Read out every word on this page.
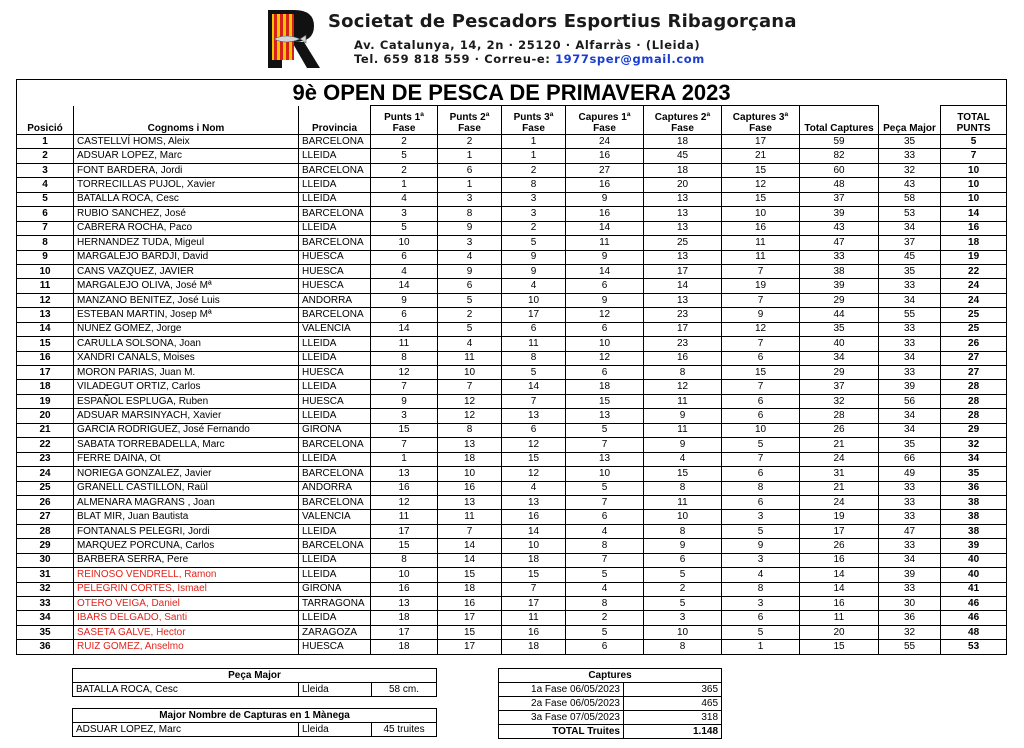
Societat de Pescadors Esportius Ribagorçana
Av. Catalunya, 14, 2n · 25120 · Alfarràs · (Lleida)
Tel. 659 818 559 · Correu-e: 1977sper@gmail.com
9è OPEN DE PESCA DE PRIMAVERA 2023											
Posició	Cognoms i Nom	Provincia	Punts 1ª Fase	Punts 2ª Fase	Punts 3ª Fase	Capures 1ª Fase	Captures 2ª Fase	Captures 3ª Fase	Total Captures	Peça Major	TOTAL PUNTS
1	CASTELLVÍ HOMS, Aleix	BARCELONA	2	2	1	24	18	17	59	35	5
2	ADSUAR LOPEZ, Marc	LLEIDA	5	1	1	16	45	21	82	33	7
3	FONT BARDERA, Jordi	BARCELONA	2	6	2	27	18	15	60	32	10
4	TORRECILLAS PUJOL, Xavier	LLEIDA	1	1	8	16	20	12	48	43	10
5	BATALLA ROCA, Cesc	LLEIDA	4	3	3	9	13	15	37	58	10
6	RUBIO SANCHEZ, José	BARCELONA	3	8	3	16	13	10	39	53	14
7	CABRERA ROCHA, Paco	LLEIDA	5	9	2	14	13	16	43	34	16
8	HERNANDEZ TUDA, Migeul	BARCELONA	10	3	5	11	25	11	47	37	18
9	MARGALEJO BARDJI, David	HUESCA	6	4	9	9	13	11	33	45	19
10	CANS VAZQUEZ, JAVIER	HUESCA	4	9	9	14	17	7	38	35	22
11	MARGALEJO OLIVA, José Mª	HUESCA	14	6	4	6	14	19	39	33	24
12	MANZANO BENITEZ, José Luis	ANDORRA	9	5	10	9	13	7	29	34	24
13	ESTEBAN MARTIN, Josep Mª	BARCELONA	6	2	17	12	23	9	44	55	25
14	NUÑEZ GOMEZ, Jorge	VALENCIA	14	5	6	6	17	12	35	33	25
15	CARULLA SOLSONA, Joan	LLEIDA	11	4	11	10	23	7	40	33	26
16	XANDRI CANALS, Moises	LLEIDA	8	11	8	12	16	6	34	34	27
17	MORON PARIAS, Juan M.	HUESCA	12	10	5	6	8	15	29	33	27
18	VILADEGUT ORTIZ, Carlos	LLEIDA	7	7	14	18	12	7	37	39	28
19	ESPAÑOL ESPLUGA, Ruben	HUESCA	9	12	7	15	11	6	32	56	28
20	ADSUAR MARSINYACH, Xavier	LLEIDA	3	12	13	13	9	6	28	34	28
21	GARCIA RODRIGUEZ, José Fernando	GIRONA	15	8	6	5	11	10	26	34	29
22	SABATA TORREBADELLA, Marc	BARCELONA	7	13	12	7	9	5	21	35	32
23	FERRE DAINA, Ot	LLEIDA	1	18	15	13	4	7	24	66	34
24	NORIEGA GONZALEZ, Javier	BARCELONA	13	10	12	10	15	6	31	49	35
25	GRANELL CASTILLÓN, Raül	ANDORRA	16	16	4	5	8	8	21	33	36
26	ALMENARA MAGRANS , Joan	BARCELONA	12	13	13	7	11	6	24	33	38
27	BLAT MIR, Juan Bautista	VALENCIA	11	11	16	6	10	3	19	33	38
28	FONTANALS PELEGRI, Jordi	LLEIDA	17	7	14	4	8	5	17	47	38
29	MARQUEZ PORCUNA, Carlos	BARCELONA	15	14	10	8	9	9	26	33	39
30	BARBERA SERRA, Pere	LLEIDA	8	14	18	7	6	3	16	34	40
31	REINOSO VENDRELL, Ramon	LLEIDA	10	15	15	5	5	4	14	39	40
32	PELEGRIN CORTES, Ismael	GIRONA	16	18	7	4	2	8	14	33	41
33	OTERO VEIGA, Daniel	TARRAGONA	13	16	17	8	5	3	16	30	46
34	IBARS DELGADO, Santi	LLEIDA	18	17	11	2	3	6	11	36	46
35	SASETA GALVE, Hector	ZARAGOZA	17	15	16	5	10	5	20	32	48
36	RUIZ GOMEZ, Anselmo	HUESCA	18	17	18	6	8	1	15	55	53
Peça Major
BATALLA ROCA, Cesc	Lleida	58 cm.
Major Nombre de Capturas en 1 Mànega
ADSUAR LOPEZ, Marc	Lleida	45 truites
Captures	
1a Fase 06/05/2023	365
2a Fase 06/05/2023	465
3a Fase 07/05/2023	318
TOTAL Truites	1.148
